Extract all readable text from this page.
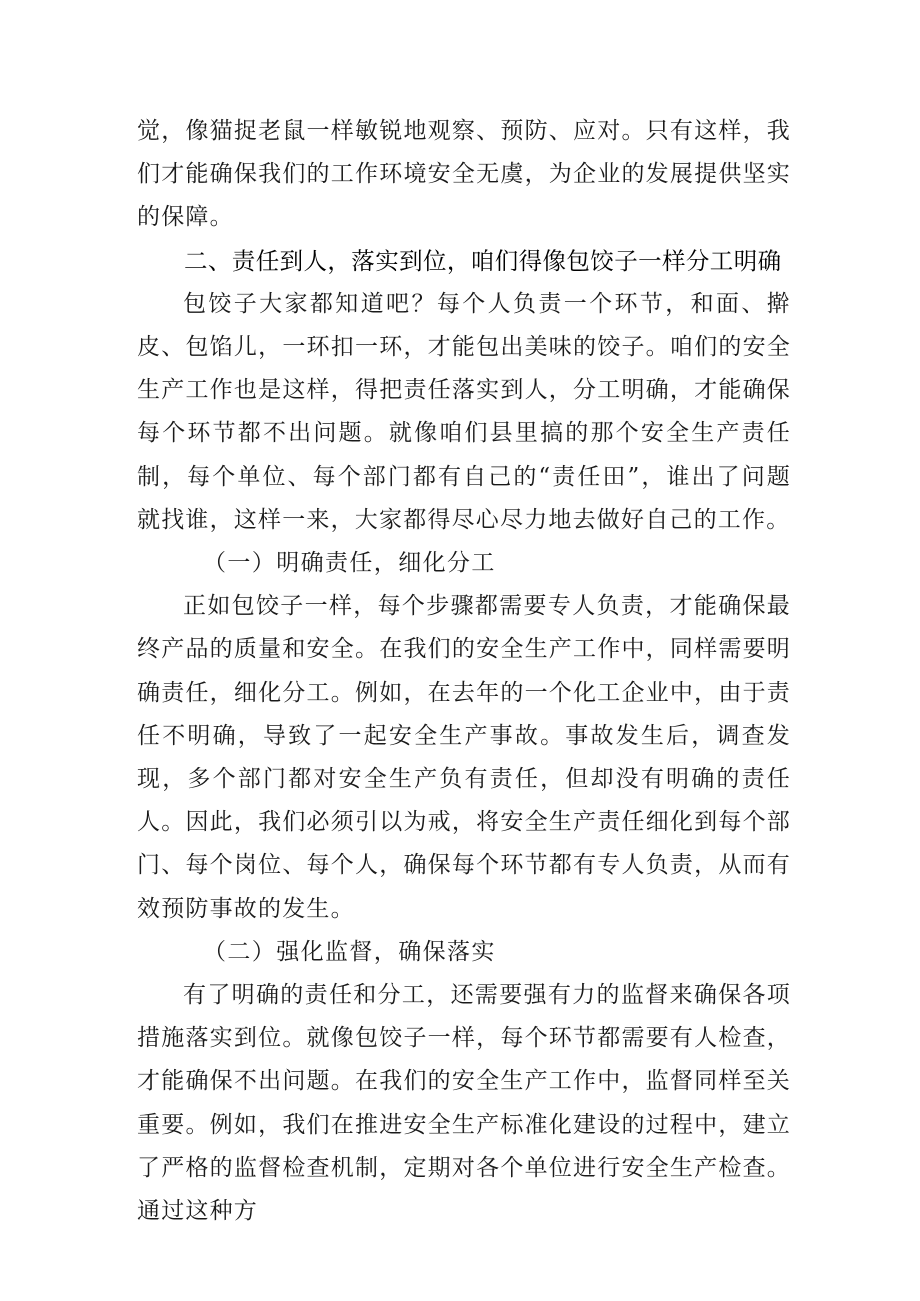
觉，像猫捉老鼠一样敏锐地观察、预防、应对。只有这样，我们才能确保我们的工作环境安全无虞，为企业的发展提供坚实的保障。

二、责任到人，落实到位，咱们得像包饺子一样分工明确

包饺子大家都知道吧？每个人负责一个环节，和面、擀皮、包馅儿，一环扣一环，才能包出美味的饺子。咱们的安全生产工作也是这样，得把责任落实到人，分工明确，才能确保每个环节都不出问题。就像咱们县里搞的那个安全生产责任制，每个单位、每个部门都有自己的“责任田”，谁出了问题就找谁，这样一来，大家都得尽心尽力地去做好自己的工作。

（一）明确责任，细化分工

正如包饺子一样，每个步骤都需要专人负责，才能确保最终产品的质量和安全。在我们的安全生产工作中，同样需要明确责任，细化分工。例如，在去年的一个化工企业中，由于责任不明确，导致了一起安全生产事故。事故发生后，调查发现，多个部门都对安全生产负有责任，但却没有明确的责任人。因此，我们必须引以为戒，将安全生产责任细化到每个部门、每个岗位、每个人，确保每个环节都有专人负责，从而有效预防事故的发生。

（二）强化监督，确保落实

有了明确的责任和分工，还需要强有力的监督来确保各项措施落实到位。就像包饺子一样，每个环节都需要有人检查，才能确保不出问题。在我们的安全生产工作中，监督同样至关重要。例如，我们在推进安全生产标准化建设的过程中，建立了严格的监督检查机制，定期对各个单位进行安全生产检查。通过这种方
